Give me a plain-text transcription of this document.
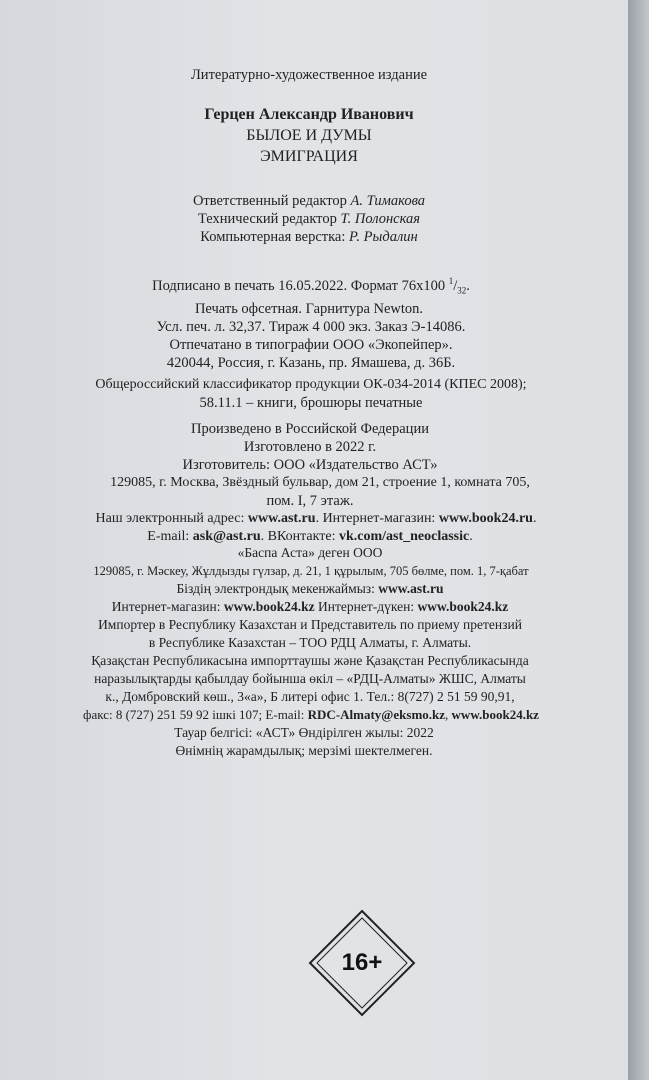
Литературно-художественное издание
Герцен Александр Иванович
БЫЛОЕ И ДУМЫ
ЭМИГРАЦИЯ
Ответственный редактор А. Тимакова
Технический редактор Т. Полонская
Компьютерная верстка: Р. Рыдалин
Подписано в печать 16.05.2022. Формат 76x100 $^1/_{32}$.
Печать офсетная. Гарнитура Newton.
Усл. печ. л. 32,37. Тираж 4 000 экз. Заказ Э-14086.
Отпечатано в типографии ООО «Экопейпер».
420044, Россия, г. Казань, пр. Ямашева, д. 36Б.
Общероссийский классификатор продукции ОК-034-2014 (КПЕС 2008);
58.11.1 – книги, брошюры печатные
Произведено в Российской Федерации
Изготовлено в 2022 г.
Изготовитель: ООО «Издательство АСТ»
129085, г. Москва, Звёздный бульвар, дом 21, строение 1, комната 705,
пом. I, 7 этаж.
Наш электронный адрес: www.ast.ru. Интернет-магазин: www.book24.ru.
E-mail: ask@ast.ru. ВКонтакте: vk.com/ast_neoclassic.
«Баспа Аста» деген ООО
129085, г. Мәскеу, Жұлдызды гүлзар, д. 21, 1 құрылым, 705 бөлме, пом. 1, 7-қабат
Біздің электрондық мекенжаймыз: www.ast.ru
Интернет-магазин: www.book24.kz Интернет-дүкен: www.book24.kz
Импортер в Республику Казахстан и Представитель по приему претензий
в Республике Казахстан – ТОО РДЦ Алматы, г. Алматы.
Қазақстан Республикасына импорттаушы және Қазақстан Республикасында
наразылықтарды қабылдау бойынша өкіл – «РДЦ-Алматы» ЖШС, Алматы
к., Домбровский көш., 3«а», Б литері офис 1. Тел.: 8(727) 2 51 59 90,91,
факс: 8 (727) 251 59 92 ішкі 107; E-mail: RDC-Almaty@eksmo.kz, www.book24.kz
Тауар белгісі: «АСТ» Өндірілген жылы: 2022
Өнімнің жарамдылық; мерзімі шектелмеген.
16+
